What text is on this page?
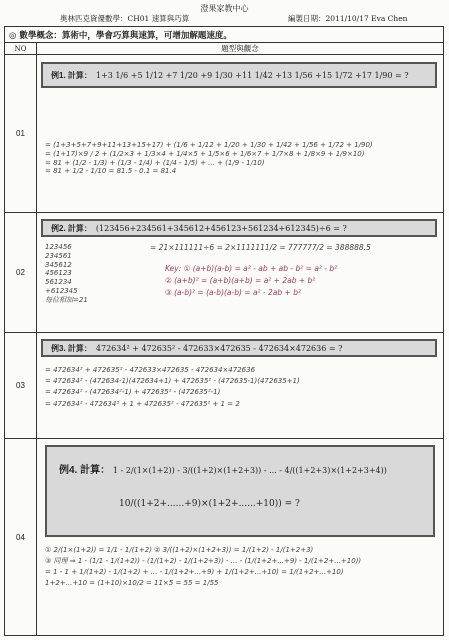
澄果家教中心
奧林匹克資優數學：CH01 速算與巧算	編製日期：2011/10/17 Eva Chen
◎ 數學概念：算術中，學會巧算與速算，可增加解題速度。
NO	題型與觀念
01
例1. 計算： 1+3 1/6 +5 1/12 +7 1/20 +9 1/30 +11 1/42 +13 1/56 +15 1/72 +17 1/90 = ?
= (1+3+5+7+9+11+13+15+17) + (1/6 + 1/12 + 1/20 + 1/30 + 1/42 + 1/56 + 1/72 + 1/90)
= (1+17)×9 / 2 + (1/2×3 + 1/3×4 + 1/4×5 + 1/5×6 + 1/6×7 + 1/7×8 + 1/8×9 + 1/9×10)
= 81 + (1/2 - 1/3) + (1/3 - 1/4) + (1/4 - 1/5) + ... + (1/9 - 1/10)
= 81 + 1/2 - 1/10 = 81.5 - 0.1 = 81.4
02
例2. 計算： (123456+234561+345612+456123+561234+612345)÷6 = ?
123456
234561
345612
456123
561234
+612345
每位相加=21
= 21×111111÷6 = 2×1111111/2 = 777777/2 = 388888.5
Key: ① (a+b)(a-b) = a² - ab + ab - b² = a² - b²
② (a+b)² = (a+b)(a+b) = a² + 2ab + b²
③ (a-b)² = (a-b)(a-b) = a² - 2ab + b²
03
例3. 計算： 472634² + 472635² - 472633×472635 - 472634×472636 = ?
= 472634² + 472635² - 472633×472635 - 472634×472636
= 472634² - (472634-1)(472634+1) + 472635² - (472635-1)(472635+1)
= 472634² - (472634²-1) + 472635² - (472635²-1)
= 472634² - 472634² + 1 + 472635² - 472635² + 1 = 2
04
例4. 計算： 1 - 2/(1×(1+2)) - 3/((1+2)×(1+2+3)) - ... - 4/((1+2+3)×(1+2+3+4))
10/((1+2+......+9)×(1+2+......+10)) = ?
① 2/(1×(1+2)) = 1/1 - 1/(1+2) ② 3/((1+2)×(1+2+3)) = 1/(1+2) - 1/(1+2+3)
③ 同理 ⇒ 1 - (1/1 - 1/(1+2)) - (1/(1+2) - 1/(1+2+3)) - ... - (1/(1+2+...+9) - 1/(1+2+...+10))
= 1 - 1 + 1/(1+2) - 1/(1+2) + ... - 1/(1+2+...+9) + 1/(1+2+...+10) = 1/(1+2+...+10)
1+2+...+10 = (1+10)×10/2 = 11×5 = 55 = 1/55
